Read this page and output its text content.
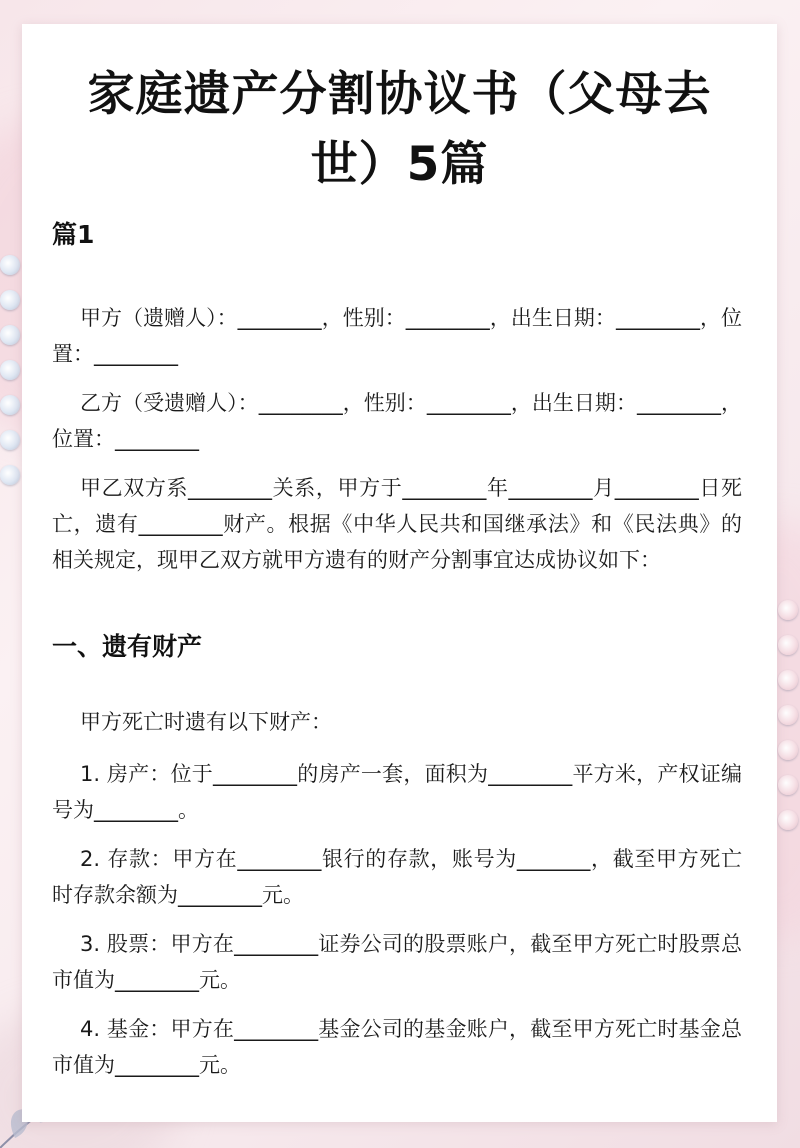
家庭遗产分割协议书（父母去世）5篇
篇1

甲方（遗赠人）：________，性别：________，出生日期：________，位置：________

乙方（受遗赠人）：________，性别：________，出生日期：________，位置：________

甲乙双方系________关系，甲方于________年________月________日死亡，遗有________财产。根据《中华人民共和国继承法》和《民法典》的相关规定，现甲乙双方就甲方遗有的财产分割事宜达成协议如下：

一、遗有财产

甲方死亡时遗有以下财产：

1. 房产：位于________的房产一套，面积为________平方米，产权证编号为________。

2. 存款：甲方在________银行的存款，账号为_______，截至甲方死亡时存款余额为________元。

3. 股票：甲方在________证券公司的股票账户，截至甲方死亡时股票总市值为________元。

4. 基金：甲方在________基金公司的基金账户，截至甲方死亡时基金总市值为________元。
